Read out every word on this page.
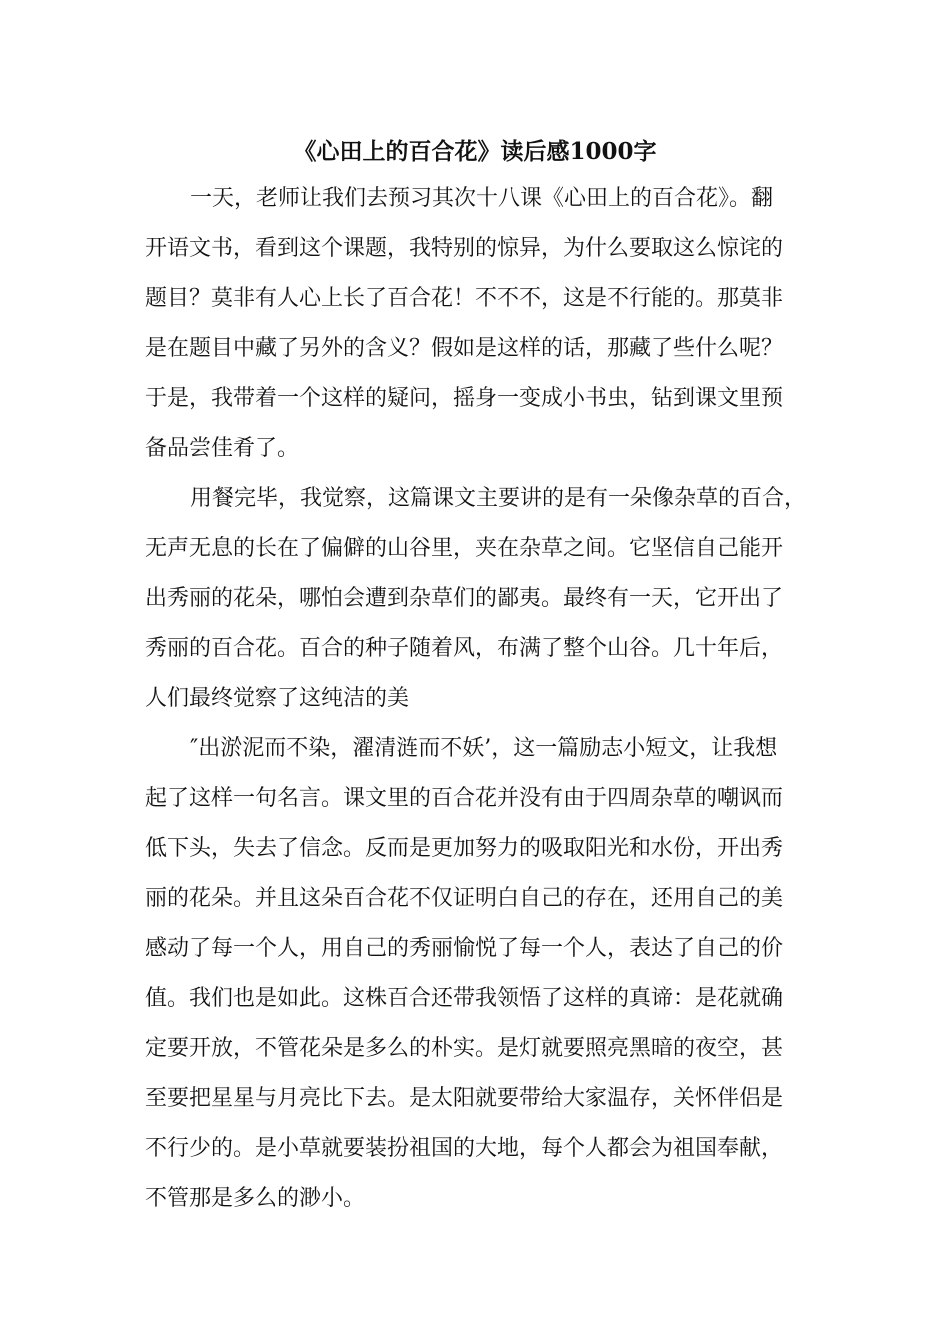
《心田上的百合花》读后感1000字

一天，老师让我们去预习其次十八课《心田上的百合花》。翻

开语文书，看到这个课题，我特别的惊异，为什么要取这么惊诧的

题目？莫非有人心上长了百合花！不不不，这是不行能的。那莫非

是在题目中藏了另外的含义？假如是这样的话，那藏了些什么呢？

于是，我带着一个这样的疑问，摇身一变成小书虫，钻到课文里预

备品尝佳肴了。

用餐完毕，我觉察，这篇课文主要讲的是有一朵像杂草的百合，

无声无息的长在了偏僻的山谷里，夹在杂草之间。它坚信自己能开

出秀丽的花朵，哪怕会遭到杂草们的鄙夷。最终有一天，它开出了

秀丽的百合花。百合的种子随着风，布满了整个山谷。几十年后，

人们最终觉察了这纯洁的美

″出淤泥而不染，濯清涟而不妖’，这一篇励志小短文，让我想

起了这样一句名言。课文里的百合花并没有由于四周杂草的嘲讽而

低下头，失去了信念。反而是更加努力的吸取阳光和水份，开出秀

丽的花朵。并且这朵百合花不仅证明白自己的存在，还用自己的美

感动了每一个人，用自己的秀丽愉悦了每一个人，表达了自己的价

值。我们也是如此。这株百合还带我领悟了这样的真谛：是花就确

定要开放，不管花朵是多么的朴实。是灯就要照亮黑暗的夜空，甚

至要把星星与月亮比下去。是太阳就要带给大家温存，关怀伴侣是

不行少的。是小草就要装扮祖国的大地，每个人都会为祖国奉献，

不管那是多么的渺小。
